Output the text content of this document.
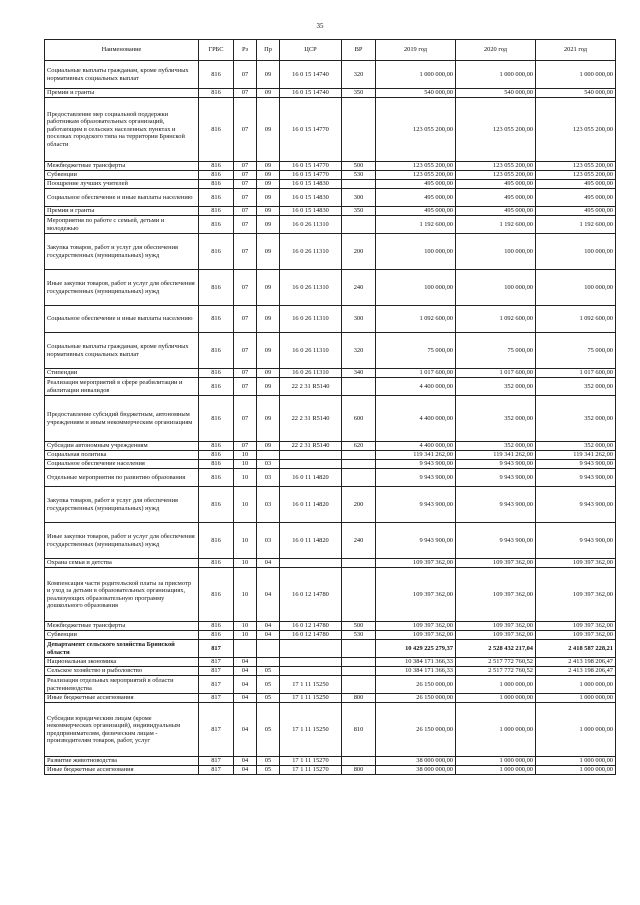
35
Наименование	ГРБС	Рз	Пр	ЦСР	ВР	2019 год	2020 год	2021 год
Социальные выплаты гражданам, кроме публичных нормативных социальных выплат	816	07	09	16 0 15 14740	320	1 000 000,00	1 000 000,00	1 000 000,00
Премии и гранты	816	07	09	16 0 15 14740	350	540 000,00	540 000,00	540 000,00
Предоставление мер социальной поддержки работникам образовательных организаций, работающим в сельских населенных пунктах и поселках городского типа на территории Брянской области	816	07	09	16 0 15 14770		123 055 200,00	123 055 200,00	123 055 200,00
Межбюджетные трансферты	816	07	09	16 0 15 14770	500	123 055 200,00	123 055 200,00	123 055 200,00
Субвенции	816	07	09	16 0 15 14770	530	123 055 200,00	123 055 200,00	123 055 200,00
Поощрение лучших учителей	816	07	09	16 0 15 14830		495 000,00	495 000,00	495 000,00
Социальное обеспечение и иные выплаты населению	816	07	09	16 0 15 14830	300	495 000,00	495 000,00	495 000,00
Премии и гранты	816	07	09	16 0 15 14830	350	495 000,00	495 000,00	495 000,00
Мероприятия по работе с семьей, детьми и молодежью	816	07	09	16 0 26 11310		1 192 600,00	1 192 600,00	1 192 600,00
Закупка товаров, работ и услуг для обеспечения государственных (муниципальных) нужд	816	07	09	16 0 26 11310	200	100 000,00	100 000,00	100 000,00
Иные закупки товаров, работ и услуг для обеспечения государственных (муниципальных) нужд	816	07	09	16 0 26 11310	240	100 000,00	100 000,00	100 000,00
Социальное обеспечение и иные выплаты населению	816	07	09	16 0 26 11310	300	1 092 600,00	1 092 600,00	1 092 600,00
Социальные выплаты гражданам, кроме публичных нормативных социальных выплат	816	07	09	16 0 26 11310	320	75 000,00	75 000,00	75 000,00
Стипендии	816	07	09	16 0 26 11310	340	1 017 600,00	1 017 600,00	1 017 600,00
Реализация мероприятий в сфере реабилитации и абилитации инвалидов	816	07	09	22 2 31 R5140		4 400 000,00	352 000,00	352 000,00
Предоставление субсидий бюджетным, автономным учреждениям и иным некоммерческим организациям	816	07	09	22 2 31 R5140	600	4 400 000,00	352 000,00	352 000,00
Субсидии автономным учреждениям	816	07	09	22 2 31 R5140	620	4 400 000,00	352 000,00	352 000,00
Социальная политика	816	10				119 341 262,00	119 341 262,00	119 341 262,00
Социальное обеспечение населения	816	10	03			9 943 900,00	9 943 900,00	9 943 900,00
Отдельные мероприятия по развитию образования	816	10	03	16 0 11 14820		9 943 900,00	9 943 900,00	9 943 900,00
Закупка товаров, работ и услуг для обеспечения государственных (муниципальных) нужд	816	10	03	16 0 11 14820	200	9 943 900,00	9 943 900,00	9 943 900,00
Иные закупки товаров, работ и услуг для обеспечения государственных (муниципальных) нужд	816	10	03	16 0 11 14820	240	9 943 900,00	9 943 900,00	9 943 900,00
Охрана семьи и детства	816	10	04			109 397 362,00	109 397 362,00	109 397 362,00
Компенсация части родительской платы за присмотр и уход за детьми в образовательных организациях, реализующих образовательную программу дошкольного образования	816	10	04	16 0 12 14780		109 397 362,00	109 397 362,00	109 397 362,00
Межбюджетные трансферты	816	10	04	16 0 12 14780	500	109 397 362,00	109 397 362,00	109 397 362,00
Субвенции	816	10	04	16 0 12 14780	530	109 397 362,00	109 397 362,00	109 397 362,00
Департамент сельского хозяйства Брянской области	817					10 429 225 279,37	2 528 432 217,04	2 418 587 228,21
Национальная экономика	817	04				10 384 171 366,33	2 517 772 760,52	2 413 198 206,47
Сельское хозяйство и рыболовство	817	04	05			10 384 171 366,33	2 517 772 760,52	2 413 198 206,47
Реализация отдельных мероприятий в области растениеводства	817	04	05	17 1 11 15250		26 150 000,00	1 000 000,00	1 000 000,00
Иные бюджетные ассигнования	817	04	05	17 1 11 15250	800	26 150 000,00	1 000 000,00	1 000 000,00
Субсидии юридическим лицам (кроме некоммерческих организаций), индивидуальным предпринимателям, физическим лицам - производителям товаров, работ, услуг	817	04	05	17 1 11 15250	810	26 150 000,00	1 000 000,00	1 000 000,00
Развитие животноводства	817	04	05	17 1 11 15270		38 000 000,00	1 000 000,00	1 000 000,00
Иные бюджетные ассигнования	817	04	05	17 1 11 15270	800	38 000 000,00	1 000 000,00	1 000 000,00
